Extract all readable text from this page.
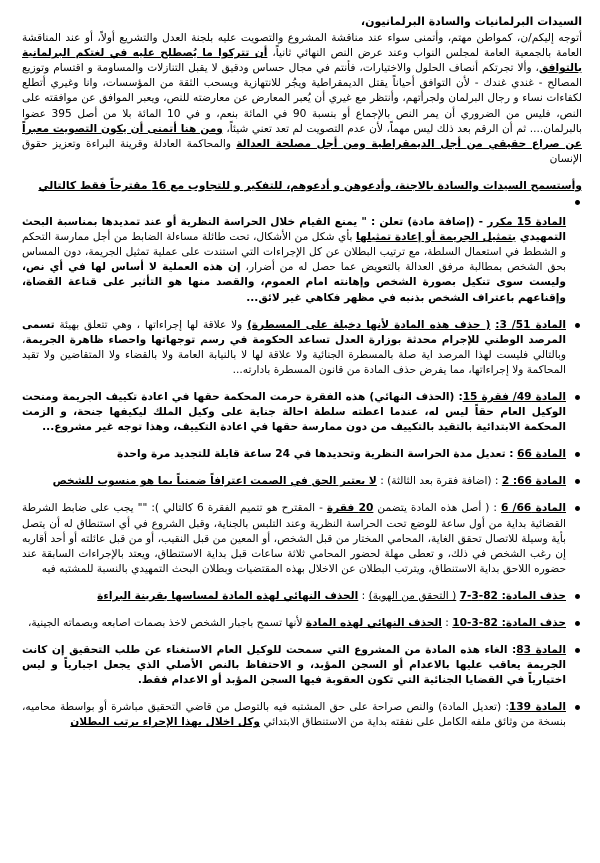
السيدات البرلمانيات والسادة البرلمانيون،

أتوجه إليكم/ن، كمواطن مهتم، وأتمنى سواء عند مناقشة المشروع والتصويت عليه بلجنة العدل والتشريع أولاً، أو عند المناقشة العامة بالجمعية العامة لمجلس النواب وعند عرض النص النهائي ثانياً، أن تتركوا ما يُصطلح عليه في لغتكم البرلمانية بالتوافق، وألا تجرتكم أنصاف الحلول والاختيارات، فأنتم في مجال حساس ودقيق لا يقبل التنازلات والمساومة و اقتسام وتوزيع المصالح - غندي غندك - لأن التوافق أحياناً يقتل الديمقراطية ويجُر للانتهازية ويسحب الثقة من المؤسسات، وانا وغيري أتطلع لكفاءات نساء و رجال البرلمان ولجرأتهم، وأنتظر مع غيري أن يُعبر المعارض عن معارضته للنص، ويعبر الموافق عن موافقته على النص، فليس من الضروري أن يمر النص بالإجماع أو بنسبة 90 في المائة بنعم، و في 10 المائة بلا من أصل 395 عضوا بالبرلمان.... ثم أن الرقم بعد ذلك ليس مهماً، لأن عدم التصويت لم تعد تعني شيئاً، ومن هنا أتمنى أن يكون التصويت معبراً عن صراع حقيقي من أجل الديمقراطية ومن أجل مصلحة العدالة والمحاكمة العادلة وقرينة البراءة وتعزيز حقوق الإنسان

وأستسمح السيدات والسادة بالاجنة، وأدعوهن و أدعوهم، للتفكير و للتجاوب مع 16 مقترحاً فقط كالتالي

المادة 15 مكرر - (إضافة مادة) تعلن : " يمنع القيام خلال الحراسة النظرية أو عند تمديدها بمناسبة البحث التمهيدي بتمثيل الجريمة أو إعادة تمثيلها بأي شكل من الأشكال، تحت طائلة مساءلة الضابط من أجل ممارسة التحكم و الشطط في استعمال السلطة، مع ترتيب البطلان عن كل الإجراءات التي استندت على عملية تمثيل الجريمة، دون المساس بحق الشخص بمطالبة مرفق العدالة بالتعويض عما حصل له من أضرار، إن هذه العملية لا أساس لها في أي نص، وليست سوى تنكيل بصورة الشخص وإهانته امام العموم، والقصد منها هو التأثير على قناعة القضاة، وإقناعهم باعتراف الشخص بذنبه في مظهر فكاهي غير لائق...
المادة 51/ 3: ( حذف هذه المادة لأنها دخيلة على المسطرة) ولا علاقة لها إجراءاتها ، وهي تتعلق بهيئة تسمى المرصد الوطني للإجرام محدثة بوزارة العدل تساعد الحكومة في رسم توجهاتها واحصاء ظاهرة الجريمة، وبالتالي فليست لهذا المرصد اية صلة بالمسطرة الجنائية ولا علاقة لها لا بالنيابة العامة ولا بالقضاء ولا المتقاضين ولا تقيد المحاكمة ولا إجراءاتها، مما يفرض حذف المادة من قانون المسطرة بادارته...
المادة 49/ فقرة 15: (الحذف النهائي) هذه الفقرة حرمت المحكمة حقها في اعادة تكييف الجريمة ومنحت الوكيل العام حقاً ليس له، عندما اعطته سلطة احالة جناية على وكيل الملك ليكيفها جنحة، و الزمت المحكمة الابتدائية بالتقيد بالتكييف من دون ممارسة حقها في اعادة التكييف، وهذا توجه غير مشروع...
المادة 66 : تعديل مدة الحراسة النظرية وتحديدها في 24 ساعة قابلة للتجديد مرة واحدة
المادة 66: 2 : (اضافة فقرة بعد الثالثة) : لا يعتبر الحق في الصمت اعترافاً ضمنياً بما هو منسوب للشخص
المادة 66/ 6 : ( أصل هذه المادة يتضمن 20 فقرة - المقترح هو تتميم الفقرة 6 كالتالي ): "" يجب على ضابط الشرطة القضائية بداية من أول ساعة للوضع تحت الحراسة النظرية وعند التلبس بالجناية، وقبل الشروع في أي استنطاق له أن يتصل بأية وسيلة للاتصال تحقق الغاية، المحامي المختار من قبل الشخص، أو المعين من قبل النقيب، أو من قبل عائلته أو أحد أقاربه إن رغب الشخص في ذلك، و تعطى مهلة لحضور المحامي ثلاثة ساعات قبل بداية الاستنطاق، ويعتد بالإجراءات السابقة عند حضوره اللاحق بداية الاستنطاق، ويترتب البطلان عن الاخلال بهذه المقتضيات وبطلان البحث التمهيدي بالنسبة للمشتبه فيه
حذف المادة: 82-3-7 ( التحقق من الهوية) : الحذف النهائي لهذه المادة لمساسها بقرينة البراءة
حذف المادة: 82-3-10 : الحذف النهائي لهذه المادة لأنها تسمح باجبار الشخص لاخذ بصمات اصابعه وبصماته الجينية،
المادة 83: الغاء هذه المادة من المشروع التي سمحت للوكيل العام الاستغناء عن طلب التحقيق إن كانت الجريمة يعاقب عليها بالاعدام أو السجن المؤبد، و الاحتفاظ بالنص الأصلي الذي يجعل اجبارياً و ليس اختيارياً في القضايا الجنائية التي تكون العقوبة فيها السجن المؤبد أو الاعدام فقط.
المادة 139: (تعديل المادة) والنص صراحة على حق المشتبه فيه بالتوصل من قاضي التحقيق مباشرة أو بواسطة محاميه، بنسخة من وثائق ملفه الكامل على نفقته بداية من الاستنطاق الابتدائي وكل اخلال بهذا الإجراء يرتب البطلان
